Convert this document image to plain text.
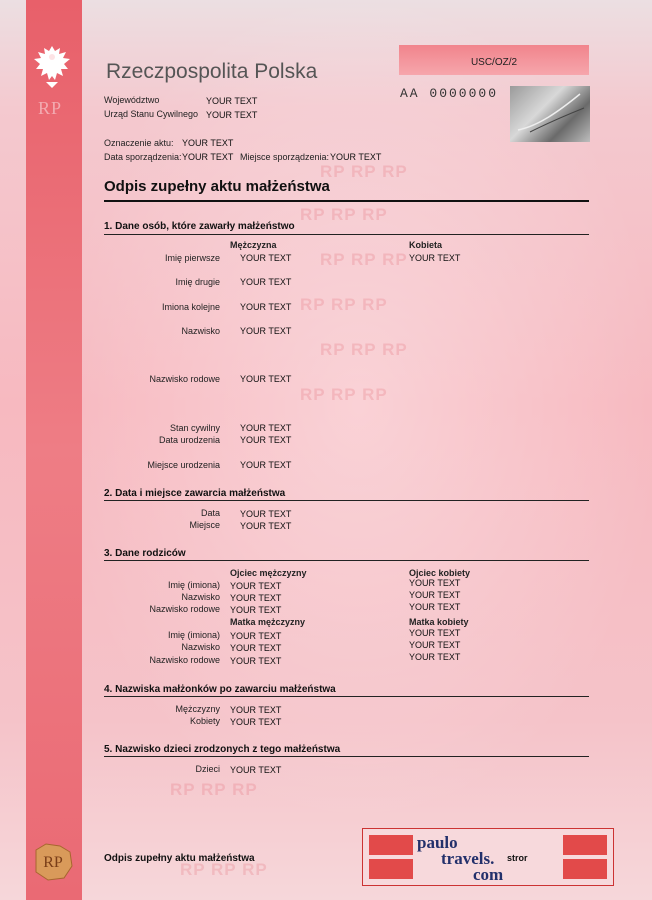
RP
RP
RP RP RP
RP RP RP
RP RP RP
RP RP RP
RP RP RP
RP RP RP
RP RP RP
RP RP RP
Rzeczpospolita Polska
Województwo	YOUR TEXT
Urząd Stanu Cywilnego YOUR TEXT
USC/OZ/2
AA 0000000
Oznaczenie aktu: YOUR TEXT
Data sporządzenia: YOUR TEXT Miejsce sporządzenia: YOUR TEXT
Odpis zupełny aktu małżeństwa
1. Dane osób, które zawarły małżeństwo
Mężczyzna	Kobieta
Imię pierwsze YOUR TEXT	YOUR TEXT
Imię drugie YOUR TEXT
Imiona kolejne YOUR TEXT
Nazwisko YOUR TEXT
Nazwisko rodowe YOUR TEXT
Stan cywilny YOUR TEXT
Data urodzenia YOUR TEXT
Miejsce urodzenia YOUR TEXT
2. Data i miejsce zawarcia małżeństwa
Data YOUR TEXT
Miejsce YOUR TEXT
3. Dane rodziców
Ojciec mężczyzny	Ojciec kobiety
Imię (imiona) YOUR TEXT	YOUR TEXT
Nazwisko YOUR TEXT	YOUR TEXT
Nazwisko rodowe YOUR TEXT	YOUR TEXT
Matka mężczyzny	Matka kobiety
Imię (imiona) YOUR TEXT	YOUR TEXT
Nazwisko YOUR TEXT	YOUR TEXT
Nazwisko rodowe YOUR TEXT	YOUR TEXT
4. Nazwiska małżonków po zawarciu małżeństwa
Mężczyzny YOUR TEXT
Kobiety YOUR TEXT
5. Nazwisko dzieci zrodzonych z tego małżeństwa
Dzieci YOUR TEXT
Odpis zupełny aktu małżeństwa
paulo
travels.
com
stror
